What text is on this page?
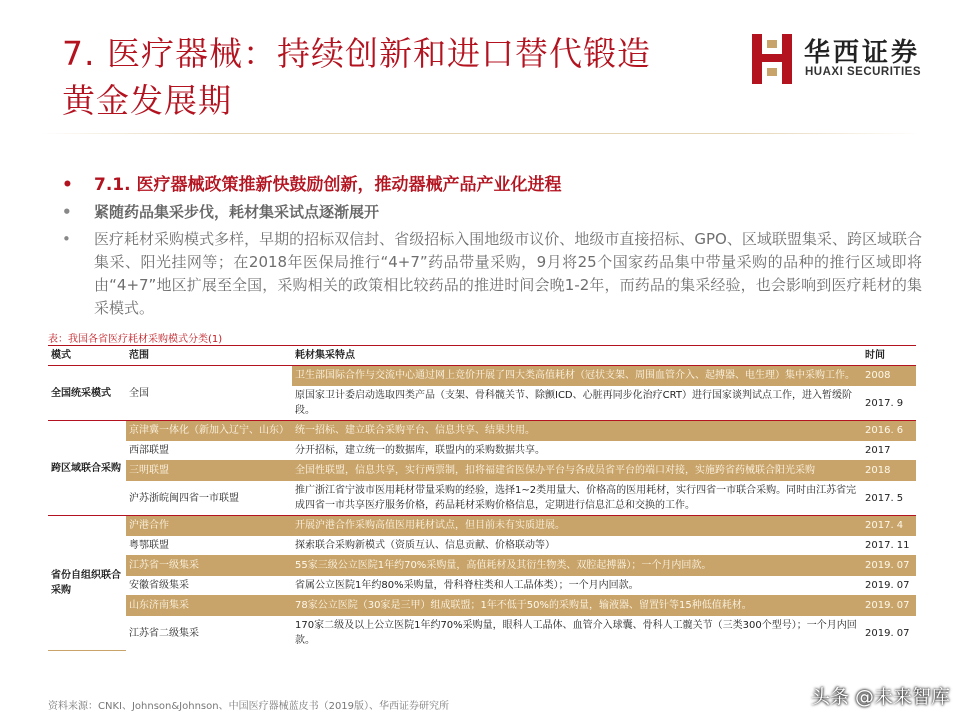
7. 医疗器械：持续创新和进口替代锻造
黄金发展期
华西证券
HUAXI SECURITIES
• 7.1. 医疗器械政策推新快鼓励创新，推动器械产品产业化进程
• 紧随药品集采步伐，耗材集采试点逐渐展开
• 医疗耗材采购模式多样，早期的招标双信封、省级招标入围地级市议价、地级市直接招标、GPO、区域联盟集采、跨区域联合集采、阳光挂网等；在2018年医保局推行“4+7”药品带量采购，9月将25个国家药品集中带量采购的品种的推行区域即将由“4+7”地区扩展至全国，采购相关的政策相比较药品的推进时间会晚1-2年，而药品的集采经验，也会影响到医疗耗材的集采模式。
表：我国各省医疗耗材采购模式分类(1)
模式	范围	耗材集采特点	时间
全国统采模式	全国	卫生部国际合作与交流中心通过网上竞价开展了四大类高值耗材（冠状支架、周围血管介入、起搏器、电生理）集中采购工作。	2008
		原国家卫计委启动选取四类产品（支架、骨科髋关节、除颤ICD、心脏再同步化治疗CRT）进行国家谈判试点工作，进入暂缓阶段。	2017. 9
跨区域联合采购	京津冀一体化（新加入辽宁、山东）	统一招标、建立联合采购平台、信息共享、结果共用。	2016. 6
	西部联盟	分开招标，建立统一的数据库，联盟内的采购数据共享。	2017
	三明联盟	全国性联盟，信息共享，实行两票制，扣将福建省医保办平台与各成员省平台的端口对接，实施跨省药械联合阳光采购	2018
	沪苏浙皖闽四省一市联盟	推广浙江省宁波市医用耗材带量采购的经验，选择1~2类用量大、价格高的医用耗材，实行四省一市联合采购。同时由江苏省完成四省一市共享医疗服务价格，药品耗材采购价格信息，定期进行信息汇总和交换的工作。	2017. 5
省份自组织联合采购	沪港合作	开展沪港合作采购高值医用耗材试点，但目前未有实质进展。	2017. 4
	粤鄂联盟	探索联合采购新模式（资质互认、信息贡献、价格联动等）	2017. 11
	江苏省一级集采	55家三级公立医院1年约70%采购量，高值耗材及其衍生物类、双腔起搏器）；一个月内回款。	2019. 07
	安徽省级集采	省属公立医院1年约80%采购量，骨科脊柱类和人工晶体类）；一个月内回款。	2019. 07
	山东济南集采	78家公立医院（30家是三甲）组成联盟；1年不低于50%的采购量，输液器、留置针等15种低值耗材。	2019. 07
	江苏省二级集采	170家二级及以上公立医院1年约70%采购量，眼科人工晶体、血管介入球囊、骨科人工髋关节（三类300个型号）；一个月内回款。	2019. 07
资料来源：CNKI、Johnson&Johnson、中国医疗器械蓝皮书（2019版）、华西证券研究所	头条 @未来智库
